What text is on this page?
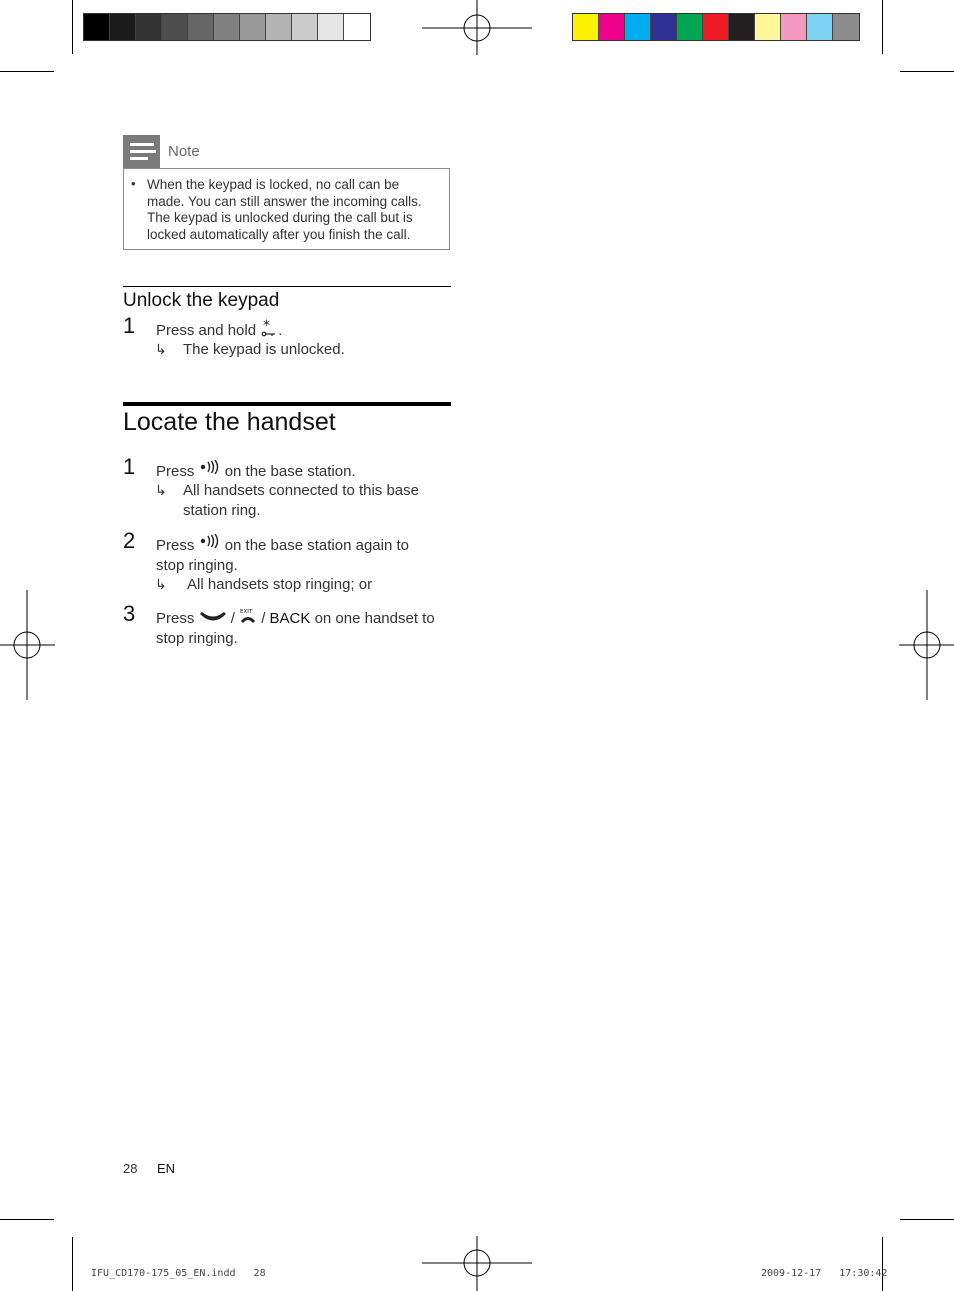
Note
• When the keypad is locked, no call can be
made. You can still answer the incoming calls.
The keypad is unlocked during the call but is
locked automatically after you finish the call.
Unlock the keypad
1 Press and hold * .
↳ The keypad is unlocked.
Locate the handset
1 Press on the base station.
↳ All handsets connected to this base
station ring.
2 Press on the base station again to
stop ringing.
↳ All handsets stop ringing; or
3 Press / EXIT / BACK on one handset to
stop ringing.
28 EN
IFU_CD170-175_05_EN.indd   28	2009-12-17   17:30:42
